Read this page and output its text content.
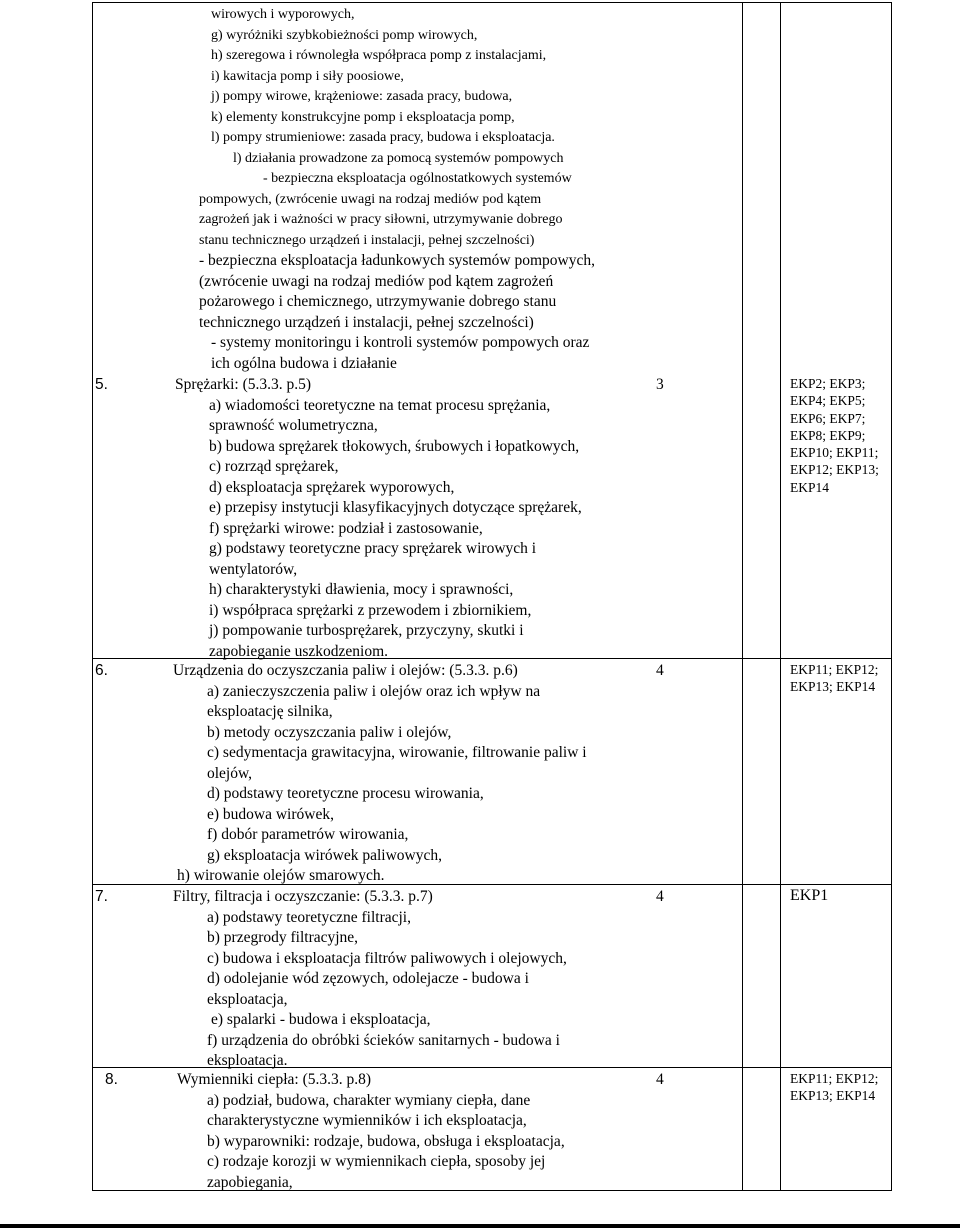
wirowych i wyporowych,
g) wyróżniki szybkobieżności pomp wirowych,
h) szeregowa i równoległa współpraca pomp z instalacjami,
i) kawitacja pomp i siły poosiowe,
j) pompy wirowe, krążeniowe: zasada pracy, budowa,
k) elementy konstrukcyjne pomp i eksploatacja pomp,
l) pompy strumieniowe: zasada pracy, budowa i eksploatacja.
l) działania prowadzone za pomocą systemów pompowych
- bezpieczna eksploatacja ogólnostatkowych systemów
pompowych, (zwrócenie uwagi na rodzaj mediów pod kątem
zagrożeń jak i ważności w pracy siłowni, utrzymywanie dobrego
stanu technicznego urządzeń i instalacji, pełnej szczelności)
- bezpieczna eksploatacja ładunkowych systemów pompowych,
(zwrócenie uwagi na rodzaj mediów pod kątem zagrożeń
pożarowego i chemicznego, utrzymywanie dobrego stanu
technicznego urządzeń i instalacji, pełnej szczelności)
- systemy monitoringu i kontroli systemów pompowych oraz
ich ogólna budowa i działanie
5.	Sprężarki: (5.3.3. p.5)
a) wiadomości teoretyczne na temat procesu sprężania,
sprawność wolumetryczna,
b) budowa sprężarek tłokowych, śrubowych i łopatkowych,
c) rozrząd sprężarek,
d) eksploatacja sprężarek wyporowych,
e) przepisy instytucji klasyfikacyjnych dotyczące sprężarek,
f) sprężarki wirowe: podział i zastosowanie,
g) podstawy teoretyczne pracy sprężarek wirowych i
wentylatorów,
h) charakterystyki dławienia, mocy i sprawności,
i) współpraca sprężarki z przewodem i zbiornikiem,
j) pompowanie turbosprężarek, przyczyny, skutki i
zapobieganie uszkodzeniom.
3	EKP2; EKP3;
EKP4; EKP5;
EKP6; EKP7;
EKP8; EKP9;
EKP10; EKP11;
EKP12; EKP13;
EKP14
6.	Urządzenia do oczyszczania paliw i olejów: (5.3.3. p.6)
a) zanieczyszczenia paliw i olejów oraz ich wpływ na
eksploatację silnika,
b) metody oczyszczania paliw i olejów,
c) sedymentacja grawitacyjna, wirowanie, filtrowanie paliw i
olejów,
d) podstawy teoretyczne procesu wirowania,
e) budowa wirówek,
f) dobór parametrów wirowania,
g) eksploatacja wirówek paliwowych,
h) wirowanie olejów smarowych.
4	EKP11; EKP12;
EKP13; EKP14
7.	Filtry, filtracja i oczyszczanie: (5.3.3. p.7)
a) podstawy teoretyczne filtracji,
b) przegrody filtracyjne,
c) budowa i eksploatacja filtrów paliwowych i olejowych,
d) odolejanie wód zęzowych, odolejacze - budowa i
eksploatacja,
e) spalarki - budowa i eksploatacja,
f) urządzenia do obróbki ścieków sanitarnych - budowa i
eksploatacja.
4	EKP1
8.	Wymienniki ciepła: (5.3.3. p.8)
a) podział, budowa, charakter wymiany ciepła, dane
charakterystyczne wymienników i ich eksploatacja,
b) wyparowniki: rodzaje, budowa, obsługa i eksploatacja,
c) rodzaje korozji w wymiennikach ciepła, sposoby jej
zapobiegania,
4	EKP11; EKP12;
EKP13; EKP14
